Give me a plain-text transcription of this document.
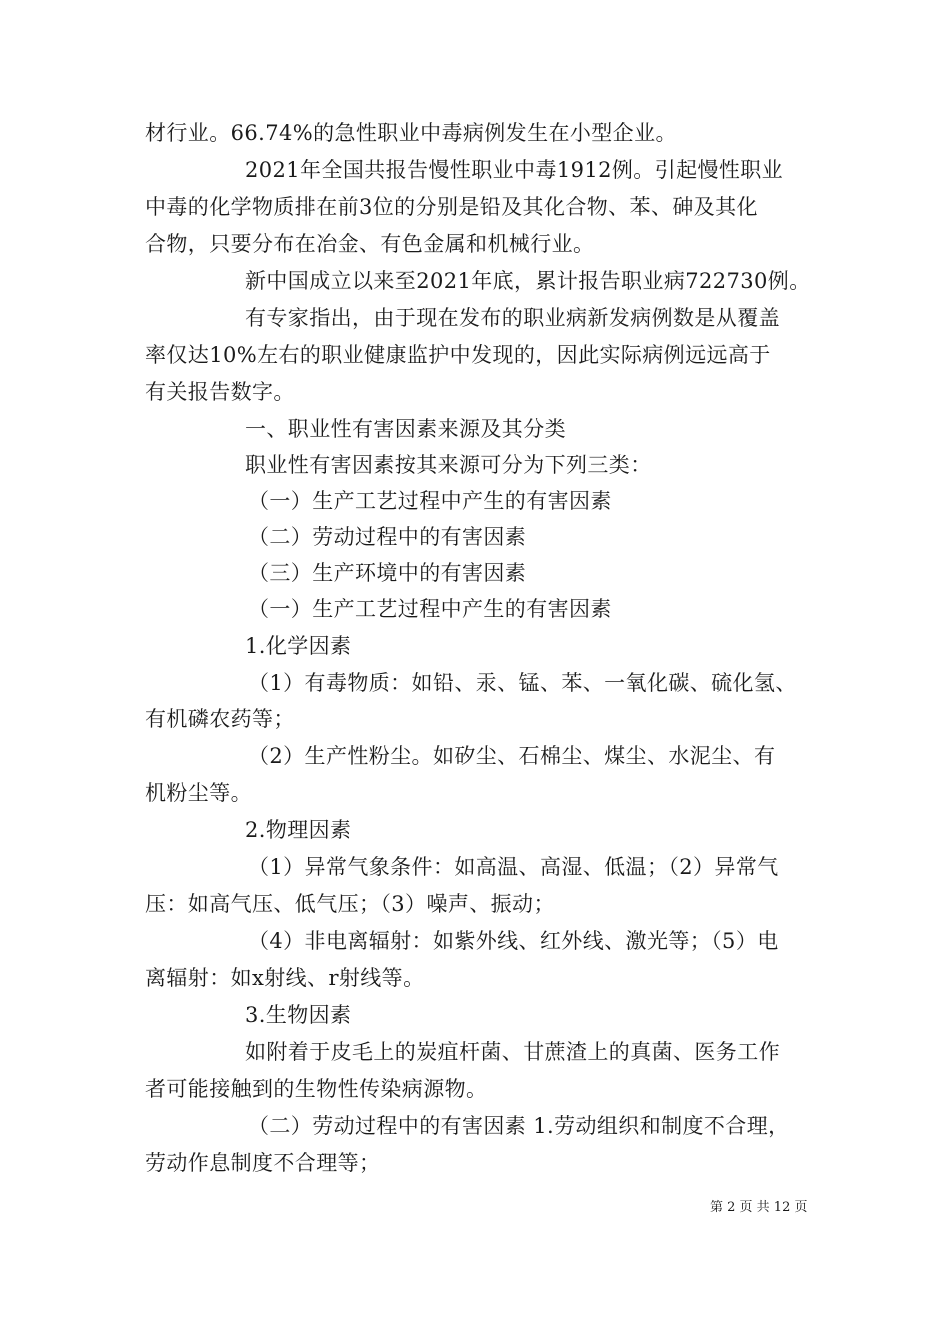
材行业。66.74%的急性职业中毒病例发生在小型企业。
2021年全国共报告慢性职业中毒1912例。引起慢性职业
中毒的化学物质排在前3位的分别是铅及其化合物、苯、砷及其化
合物，只要分布在冶金、有色金属和机械行业。
新中国成立以来至2021年底，累计报告职业病722730例。
有专家指出，由于现在发布的职业病新发病例数是从覆盖
率仅达10%左右的职业健康监护中发现的，因此实际病例远远高于
有关报告数字。
一、职业性有害因素来源及其分类
职业性有害因素按其来源可分为下列三类：
（一）生产工艺过程中产生的有害因素
（二）劳动过程中的有害因素
（三）生产环境中的有害因素
（一）生产工艺过程中产生的有害因素
1.化学因素
（1）有毒物质：如铅、汞、锰、苯、一氧化碳、硫化氢、
有机磷农药等；
（2）生产性粉尘。如矽尘、石棉尘、煤尘、水泥尘、有
机粉尘等。
2.物理因素
（1）异常气象条件：如高温、高湿、低温；（2）异常气
压：如高气压、低气压；（3）噪声、振动；
（4）非电离辐射：如紫外线、红外线、激光等；（5）电
离辐射：如x射线、r射线等。
3.生物因素
如附着于皮毛上的炭疽杆菌、甘蔗渣上的真菌、医务工作
者可能接触到的生物性传染病源物。
（二）劳动过程中的有害因素 1.劳动组织和制度不合理，
劳动作息制度不合理等；
第 2 页 共 12 页
